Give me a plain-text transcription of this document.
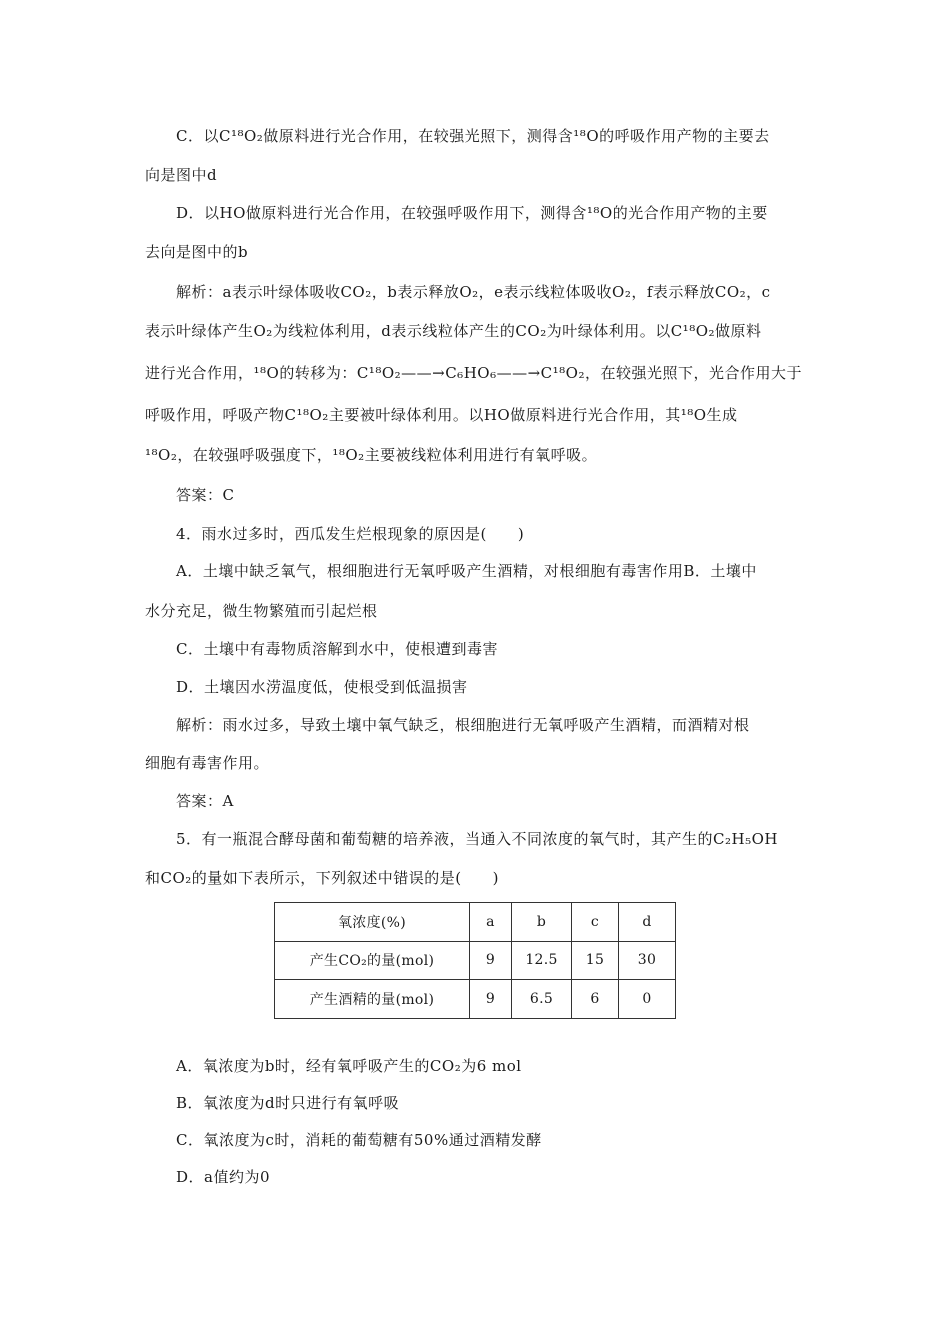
C．以C¹⁸O₂做原料进行光合作用，在较强光照下，测得含¹⁸O的呼吸作用产物的主要去
向是图中d
D．以HO做原料进行光合作用，在较强呼吸作用下，测得含¹⁸O的光合作用产物的主要
去向是图中的b
解析：a表示叶绿体吸收CO₂，b表示释放O₂，e表示线粒体吸收O₂，f表示释放CO₂，c
表示叶绿体产生O₂为线粒体利用，d表示线粒体产生的CO₂为叶绿体利用。以C¹⁸O₂做原料
进行光合作用，¹⁸O的转移为：C¹⁸O₂——→C₆HO₆——→C¹⁸O₂，在较强光照下，光合作用大于
呼吸作用，呼吸产物C¹⁸O₂主要被叶绿体利用。以HO做原料进行光合作用，其¹⁸O生成
¹⁸O₂，在较强呼吸强度下，¹⁸O₂主要被线粒体利用进行有氧呼吸。
答案：C
4．雨水过多时，西瓜发生烂根现象的原因是(　　)
A．土壤中缺乏氧气，根细胞进行无氧呼吸产生酒精，对根细胞有毒害作用B．土壤中
水分充足，微生物繁殖而引起烂根
C．土壤中有毒物质溶解到水中，使根遭到毒害
D．土壤因水涝温度低，使根受到低温损害
解析：雨水过多，导致土壤中氧气缺乏，根细胞进行无氧呼吸产生酒精，而酒精对根
细胞有毒害作用。
答案：A
5．有一瓶混合酵母菌和葡萄糖的培养液，当通入不同浓度的氧气时，其产生的C₂H₅OH
和CO₂的量如下表所示，下列叙述中错误的是(　　)
氧浓度(%)	a	b	c	d
产生CO₂的量(mol)	9	12.5	15	30
产生酒精的量(mol)	9	6.5	6	0
A．氧浓度为b时，经有氧呼吸产生的CO₂为6 mol
B．氧浓度为d时只进行有氧呼吸
C．氧浓度为c时，消耗的葡萄糖有50%通过酒精发酵
D．a值约为0
